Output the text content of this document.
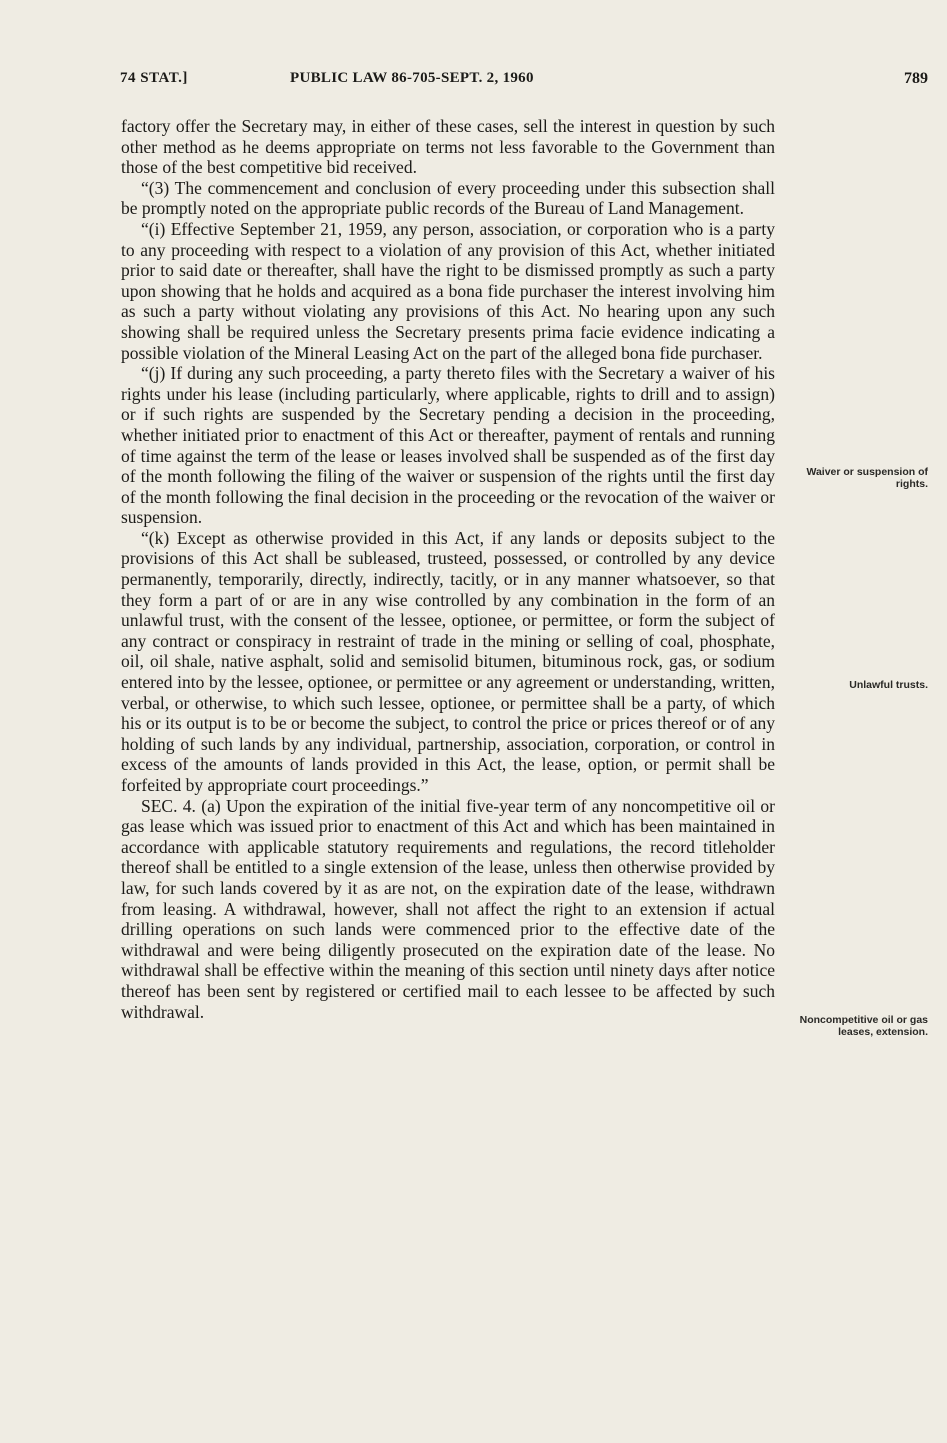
74 STAT.]	PUBLIC LAW 86-705-SEPT. 2, 1960	789

factory offer the Secretary may, in either of these cases, sell the interest in question by such other method as he deems appropriate on terms not less favorable to the Government than those of the best competitive bid received.

“(3) The commencement and conclusion of every proceeding under this subsection shall be promptly noted on the appropriate public records of the Bureau of Land Management.

“(i) Effective September 21, 1959, any person, association, or corporation who is a party to any proceeding with respect to a violation of any provision of this Act, whether initiated prior to said date or thereafter, shall have the right to be dismissed promptly as such a party upon showing that he holds and acquired as a bona fide purchaser the interest involving him as such a party without violating any provisions of this Act. No hearing upon any such showing shall be required unless the Secretary presents prima facie evidence indicating a possible violation of the Mineral Leasing Act on the part of the alleged bona fide purchaser.

“(j) If during any such proceeding, a party thereto files with the Secretary a waiver of his rights under his lease (including particularly, where applicable, rights to drill and to assign) or if such rights are suspended by the Secretary pending a decision in the proceeding, whether initiated prior to enactment of this Act or thereafter, payment of rentals and running of time against the term of the lease or leases involved shall be suspended as of the first day of the month following the filing of the waiver or suspension of the rights until the first day of the month following the final decision in the proceeding or the revocation of the waiver or suspension.

“(k) Except as otherwise provided in this Act, if any lands or deposits subject to the provisions of this Act shall be subleased, trusteed, possessed, or controlled by any device permanently, temporarily, directly, indirectly, tacitly, or in any manner whatsoever, so that they form a part of or are in any wise controlled by any combination in the form of an unlawful trust, with the consent of the lessee, optionee, or permittee, or form the subject of any contract or conspiracy in restraint of trade in the mining or selling of coal, phosphate, oil, oil shale, native asphalt, solid and semisolid bitumen, bituminous rock, gas, or sodium entered into by the lessee, optionee, or permittee or any agreement or understanding, written, verbal, or otherwise, to which such lessee, optionee, or permittee shall be a party, of which his or its output is to be or become the subject, to control the price or prices thereof or of any holding of such lands by any individual, partnership, association, corporation, or control in excess of the amounts of lands provided in this Act, the lease, option, or permit shall be forfeited by appropriate court proceedings.”

SEC. 4. (a) Upon the expiration of the initial five-year term of any noncompetitive oil or gas lease which was issued prior to enactment of this Act and which has been maintained in accordance with applicable statutory requirements and regulations, the record titleholder thereof shall be entitled to a single extension of the lease, unless then otherwise provided by law, for such lands covered by it as are not, on the expiration date of the lease, withdrawn from leasing. A withdrawal, however, shall not affect the right to an extension if actual drilling operations on such lands were commenced prior to the effective date of the withdrawal and were being diligently prosecuted on the expiration date of the lease. No withdrawal shall be effective within the meaning of this section until ninety days after notice thereof has been sent by registered or certified mail to each lessee to be affected by such withdrawal.

Waiver or suspension of rights.
Unlawful trusts.
Noncompetitive oil or gas leases, extension.
